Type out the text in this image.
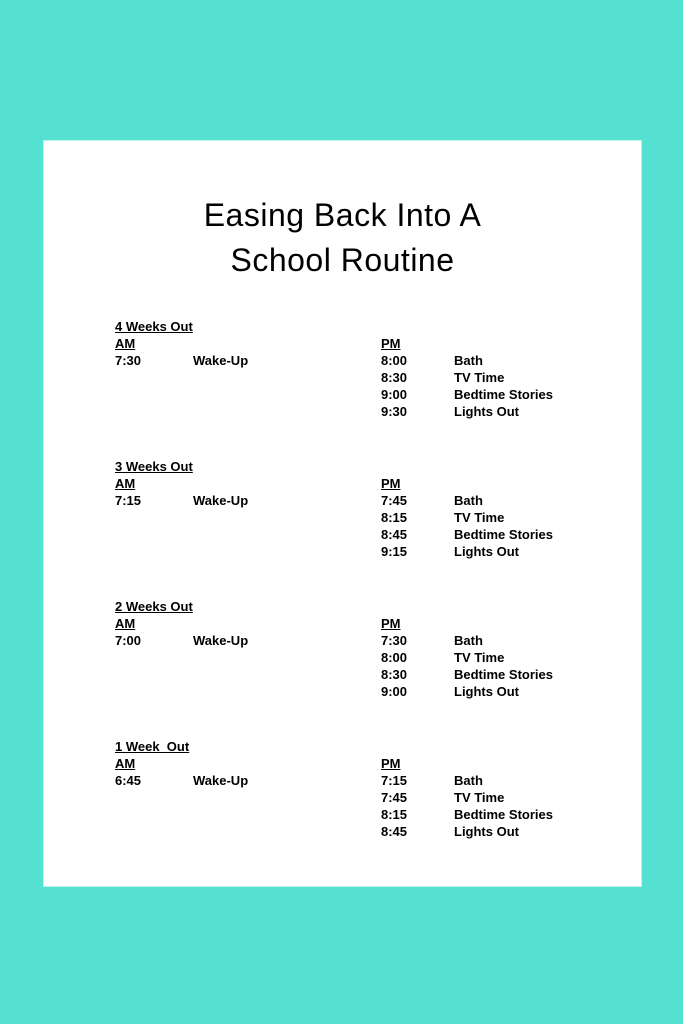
Easing Back Into A
School Routine
4 Weeks Out
AM
7:30	Wake-Up
PM
8:00	Bath
8:30	TV Time
9:00	Bedtime Stories
9:30	Lights Out
3 Weeks Out
AM
7:15	Wake-Up
PM
7:45	Bath
8:15	TV Time
8:45	Bedtime Stories
9:15	Lights Out
2 Weeks Out
AM
7:00	Wake-Up
PM
7:30	Bath
8:00	TV Time
8:30	Bedtime Stories
9:00	Lights Out
1 Week  Out
AM
6:45	Wake-Up
PM
7:15	Bath
7:45	TV Time
8:15	Bedtime Stories
8:45	Lights Out
